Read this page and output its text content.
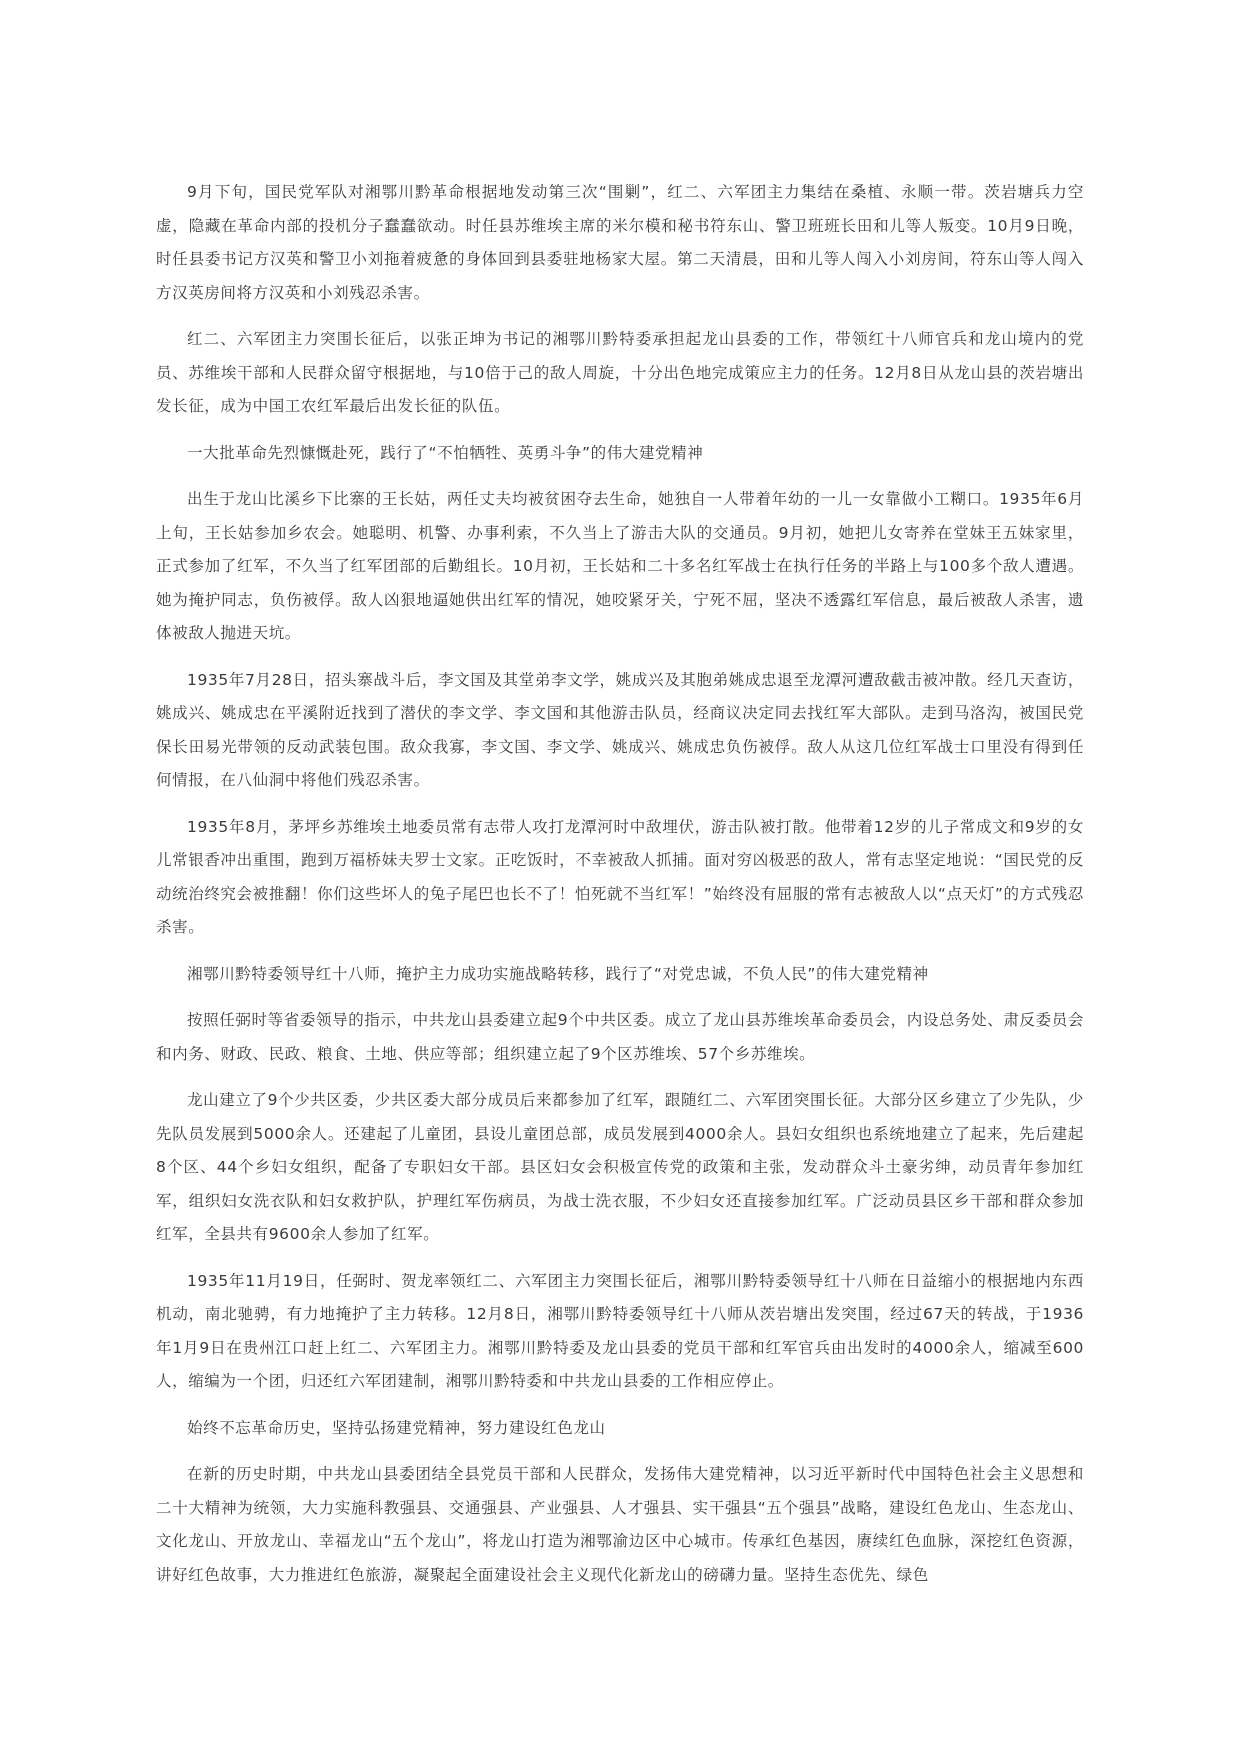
9月下旬，国民党军队对湘鄂川黔革命根据地发动第三次“围剿”，红二、六军团主力集结在桑植、永顺一带。茨岩塘兵力空虚，隐藏在革命内部的投机分子蠢蠢欲动。时任县苏维埃主席的米尔模和秘书符东山、警卫班班长田和儿等人叛变。10月9日晚，时任县委书记方汉英和警卫小刘拖着疲惫的身体回到县委驻地杨家大屋。第二天清晨，田和儿等人闯入小刘房间，符东山等人闯入方汉英房间将方汉英和小刘残忍杀害。

红二、六军团主力突围长征后，以张正坤为书记的湘鄂川黔特委承担起龙山县委的工作，带领红十八师官兵和龙山境内的党员、苏维埃干部和人民群众留守根据地，与10倍于己的敌人周旋，十分出色地完成策应主力的任务。12月8日从龙山县的茨岩塘出发长征，成为中国工农红军最后出发长征的队伍。

一大批革命先烈慷慨赴死，践行了“不怕牺牲、英勇斗争”的伟大建党精神

出生于龙山比溪乡下比寨的王长姑，两任丈夫均被贫困夺去生命，她独自一人带着年幼的一儿一女靠做小工糊口。1935年6月上旬，王长姑参加乡农会。她聪明、机警、办事利索，不久当上了游击大队的交通员。9月初，她把儿女寄养在堂妹王五妹家里，正式参加了红军，不久当了红军团部的后勤组长。10月初，王长姑和二十多名红军战士在执行任务的半路上与100多个敌人遭遇。她为掩护同志，负伤被俘。敌人凶狠地逼她供出红军的情况，她咬紧牙关，宁死不屈，坚决不透露红军信息，最后被敌人杀害，遗体被敌人抛进天坑。

1935年7月28日，招头寨战斗后，李文国及其堂弟李文学，姚成兴及其胞弟姚成忠退至龙潭河遭敌截击被冲散。经几天查访，姚成兴、姚成忠在平溪附近找到了潜伏的李文学、李文国和其他游击队员，经商议决定同去找红军大部队。走到马洛沟，被国民党保长田易光带领的反动武装包围。敌众我寡，李文国、李文学、姚成兴、姚成忠负伤被俘。敌人从这几位红军战士口里没有得到任何情报，在八仙洞中将他们残忍杀害。

1935年8月，茅坪乡苏维埃土地委员常有志带人攻打龙潭河时中敌埋伏，游击队被打散。他带着12岁的儿子常成文和9岁的女儿常银香冲出重围，跑到万福桥妹夫罗士文家。正吃饭时，不幸被敌人抓捕。面对穷凶极恶的敌人，常有志坚定地说：“国民党的反动统治终究会被推翻！你们这些坏人的兔子尾巴也长不了！怕死就不当红军！”始终没有屈服的常有志被敌人以“点天灯”的方式残忍杀害。

湘鄂川黔特委领导红十八师，掩护主力成功实施战略转移，践行了“对党忠诚，不负人民”的伟大建党精神

按照任弼时等省委领导的指示，中共龙山县委建立起9个中共区委。成立了龙山县苏维埃革命委员会，内设总务处、肃反委员会和内务、财政、民政、粮食、土地、供应等部；组织建立起了9个区苏维埃、57个乡苏维埃。

龙山建立了9个少共区委，少共区委大部分成员后来都参加了红军，跟随红二、六军团突围长征。大部分区乡建立了少先队，少先队员发展到5000余人。还建起了儿童团，县设儿童团总部，成员发展到4000余人。县妇女组织也系统地建立了起来，先后建起8个区、44个乡妇女组织，配备了专职妇女干部。县区妇女会积极宣传党的政策和主张，发动群众斗土豪劣绅，动员青年参加红军，组织妇女洗衣队和妇女救护队，护理红军伤病员，为战士洗衣服，不少妇女还直接参加红军。广泛动员县区乡干部和群众参加红军，全县共有9600余人参加了红军。

1935年11月19日，任弼时、贺龙率领红二、六军团主力突围长征后，湘鄂川黔特委领导红十八师在日益缩小的根据地内东西机动，南北驰骋，有力地掩护了主力转移。12月8日，湘鄂川黔特委领导红十八师从茨岩塘出发突围，经过67天的转战，于1936年1月9日在贵州江口赶上红二、六军团主力。湘鄂川黔特委及龙山县委的党员干部和红军官兵由出发时的4000余人，缩减至600人，缩编为一个团，归还红六军团建制，湘鄂川黔特委和中共龙山县委的工作相应停止。

始终不忘革命历史，坚持弘扬建党精神，努力建设红色龙山

在新的历史时期，中共龙山县委团结全县党员干部和人民群众，发扬伟大建党精神，以习近平新时代中国特色社会主义思想和二十大精神为统领，大力实施科教强县、交通强县、产业强县、人才强县、实干强县“五个强县”战略，建设红色龙山、生态龙山、文化龙山、开放龙山、幸福龙山“五个龙山”，将龙山打造为湘鄂渝边区中心城市。传承红色基因，赓续红色血脉，深挖红色资源，讲好红色故事，大力推进红色旅游，凝聚起全面建设社会主义现代化新龙山的磅礴力量。坚持生态优先、绿色
